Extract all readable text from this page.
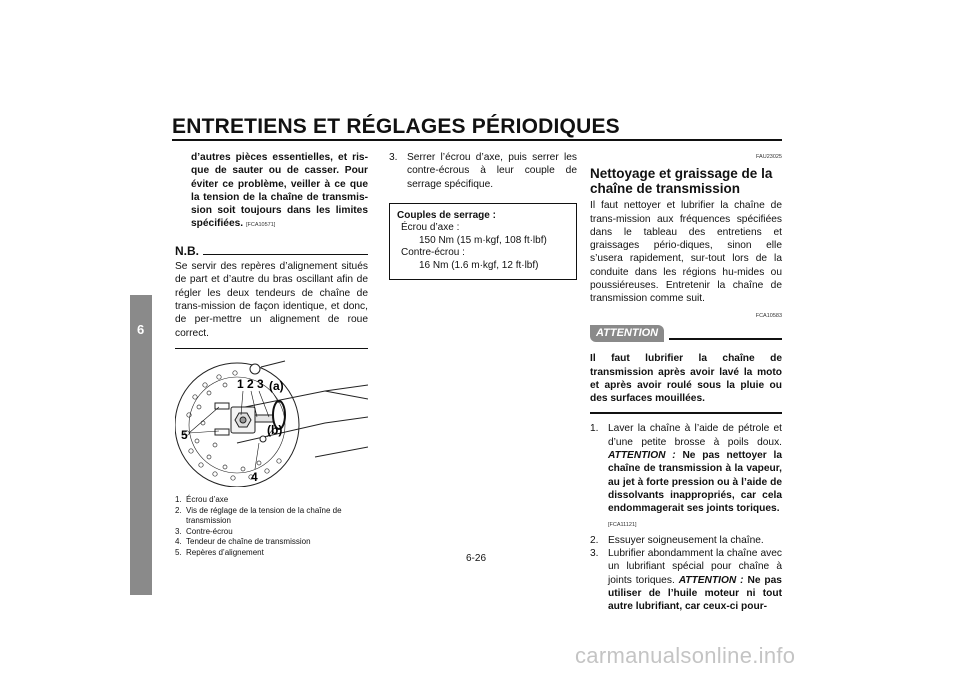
ENTRETIENS ET RÉGLAGES PÉRIODIQUES
6
d’autres pièces essentielles, et ris-que de sauter ou de casser. Pour éviter ce problème, veiller à ce que la tension de la chaîne de transmis-sion soit toujours dans les limites spécifiées. [FCA10571]
N.B.
Se servir des repères d’alignement situés de part et d’autre du bras oscillant afin de régler les deux tendeurs de chaîne de trans-mission de façon identique, et donc, de per-mettre un alignement de roue correct.
1 2 3 (a)
(b)
5
4
1. Écrou d’axe
2. Vis de réglage de la tension de la chaîne de transmission
3. Contre-écrou
4. Tendeur de chaîne de transmission
5. Repères d’alignement
3. Serrer l’écrou d’axe, puis serrer les contre-écrous à leur couple de serrage spécifique.
Couples de serrage :
Écrou d’axe :
150 Nm (15 m·kgf, 108 ft·lbf)
Contre-écrou :
16 Nm (1.6 m·kgf, 12 ft·lbf)
FAU23025
Nettoyage et graissage de la chaîne de transmission
Il faut nettoyer et lubrifier la chaîne de trans-mission aux fréquences spécifiées dans le tableau des entretiens et graissages pério-diques, sinon elle s’usera rapidement, sur-tout lors de la conduite dans les régions hu-mides ou poussiéreuses. Entretenir la chaîne de transmission comme suit.
FCA10583
ATTENTION
Il faut lubrifier la chaîne de transmission après avoir lavé la moto et après avoir roulé sous la pluie ou des surfaces mouillées.
1. Laver la chaîne à l’aide de pétrole et d’une petite brosse à poils doux. ATTENTION : Ne pas nettoyer la chaîne de transmission à la vapeur, au jet à forte pression ou à l’aide de dissolvants inappropriés, car cela endommagerait ses joints toriques.
[FCA11121]
2. Essuyer soigneusement la chaîne.
3. Lubrifier abondamment la chaîne avec un lubrifiant spécial pour chaîne à joints toriques. ATTENTION : Ne pas utiliser de l’huile moteur ni tout autre lubrifiant, car ceux-ci pour-
6-26
carmanualsonline.info
